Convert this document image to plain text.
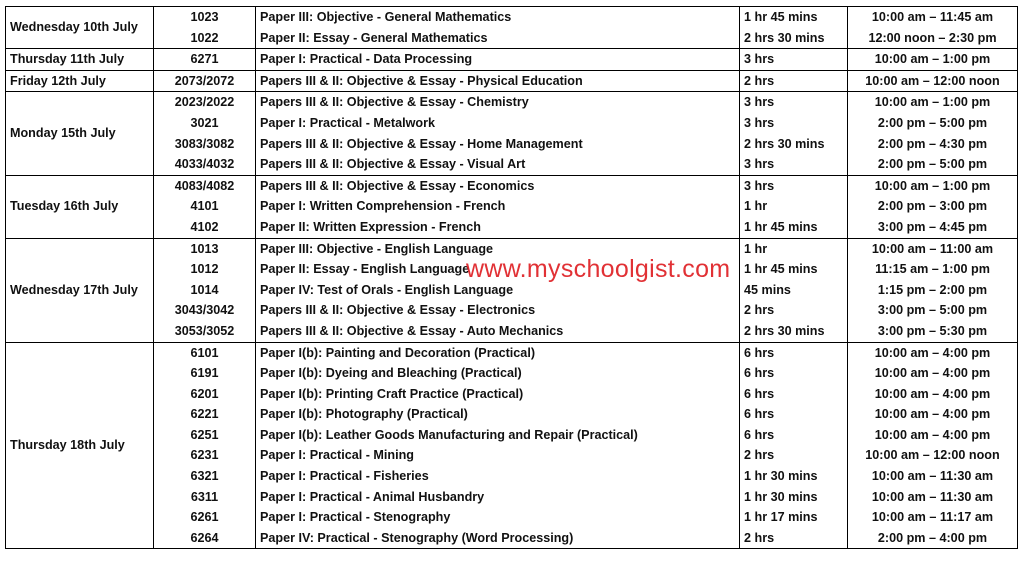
Wednesday 10th July	1023	Paper III: Objective - General Mathematics	1 hr 45 mins	10:00 am – 11:45 am
	1022	Paper II: Essay - General Mathematics	2 hrs 30 mins	12:00 noon – 2:30 pm
Thursday 11th July	6271	Paper I: Practical - Data Processing	3 hrs	10:00 am – 1:00 pm
Friday 12th July	2073/2072	Papers III & II: Objective & Essay - Physical Education	2 hrs	10:00 am – 12:00 noon
Monday 15th July	2023/2022	Papers III & II: Objective & Essay - Chemistry	3 hrs	10:00 am – 1:00 pm
	3021	Paper I: Practical - Metalwork	3 hrs	2:00 pm – 5:00 pm
	3083/3082	Papers III & II: Objective & Essay - Home Management	2 hrs 30 mins	2:00 pm – 4:30 pm
	4033/4032	Papers III & II: Objective & Essay - Visual Art	3 hrs	2:00 pm – 5:00 pm
Tuesday 16th July	4083/4082	Papers III & II: Objective & Essay - Economics	3 hrs	10:00 am – 1:00 pm
	4101	Paper I: Written Comprehension - French	1 hr	2:00 pm – 3:00 pm
	4102	Paper II: Written Expression - French	1 hr 45 mins	3:00 pm – 4:45 pm
Wednesday 17th July	1013	Paper III: Objective - English Language	1 hr	10:00 am – 11:00 am
	1012	Paper II: Essay - English Language	1 hr 45 mins	11:15 am – 1:00 pm
	1014	Paper IV: Test of Orals - English Language	45 mins	1:15 pm – 2:00 pm
	3043/3042	Papers III & II: Objective & Essay - Electronics	2 hrs	3:00 pm – 5:00 pm
	3053/3052	Papers III & II: Objective & Essay - Auto Mechanics	2 hrs 30 mins	3:00 pm – 5:30 pm
Thursday 18th July	6101	Paper I(b): Painting and Decoration (Practical)	6 hrs	10:00 am – 4:00 pm
	6191	Paper I(b): Dyeing and Bleaching (Practical)	6 hrs	10:00 am – 4:00 pm
	6201	Paper I(b): Printing Craft Practice (Practical)	6 hrs	10:00 am – 4:00 pm
	6221	Paper I(b): Photography (Practical)	6 hrs	10:00 am – 4:00 pm
	6251	Paper I(b): Leather Goods Manufacturing and Repair (Practical)	6 hrs	10:00 am – 4:00 pm
	6231	Paper I: Practical - Mining	2 hrs	10:00 am – 12:00 noon
	6321	Paper I: Practical - Fisheries	1 hr 30 mins	10:00 am – 11:30 am
	6311	Paper I: Practical - Animal Husbandry	1 hr 30 mins	10:00 am – 11:30 am
	6261	Paper I: Practical - Stenography	1 hr 17 mins	10:00 am – 11:17 am
	6264	Paper IV: Practical - Stenography (Word Processing)	2 hrs	2:00 pm – 4:00 pm
www.myschoolgist.com
